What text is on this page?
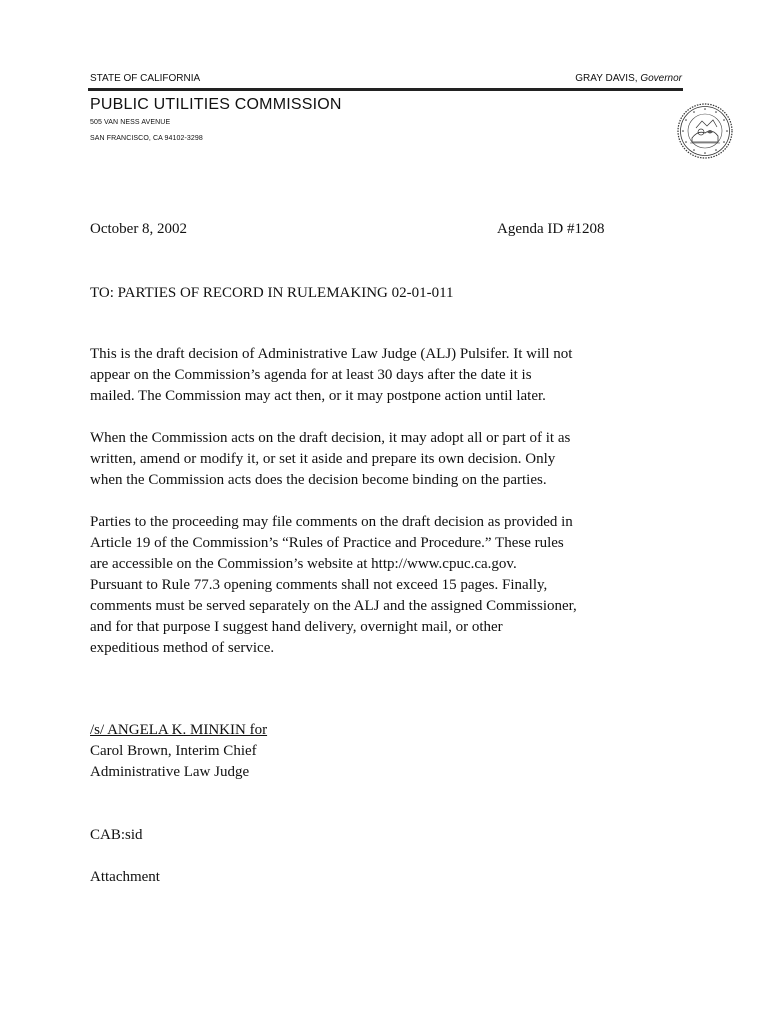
STATE OF CALIFORNIA	GRAY DAVIS, Governor
PUBLIC UTILITIES COMMISSION
505 VAN NESS AVENUE
SAN FRANCISCO, CA 94102-3298
October 8, 2002	Agenda ID #1208
TO: PARTIES OF RECORD IN RULEMAKING 02-01-011
This is the draft decision of Administrative Law Judge (ALJ) Pulsifer. It will not
appear on the Commission’s agenda for at least 30 days after the date it is
mailed. The Commission may act then, or it may postpone action until later.
When the Commission acts on the draft decision, it may adopt all or part of it as
written, amend or modify it, or set it aside and prepare its own decision. Only
when the Commission acts does the decision become binding on the parties.
Parties to the proceeding may file comments on the draft decision as provided in
Article 19 of the Commission’s “Rules of Practice and Procedure.” These rules
are accessible on the Commission’s website at http://www.cpuc.ca.gov.
Pursuant to Rule 77.3 opening comments shall not exceed 15 pages. Finally,
comments must be served separately on the ALJ and the assigned Commissioner,
and for that purpose I suggest hand delivery, overnight mail, or other
expeditious method of service.
/s/ ANGELA K. MINKIN for
Carol Brown, Interim Chief
Administrative Law Judge
CAB:sid
Attachment
